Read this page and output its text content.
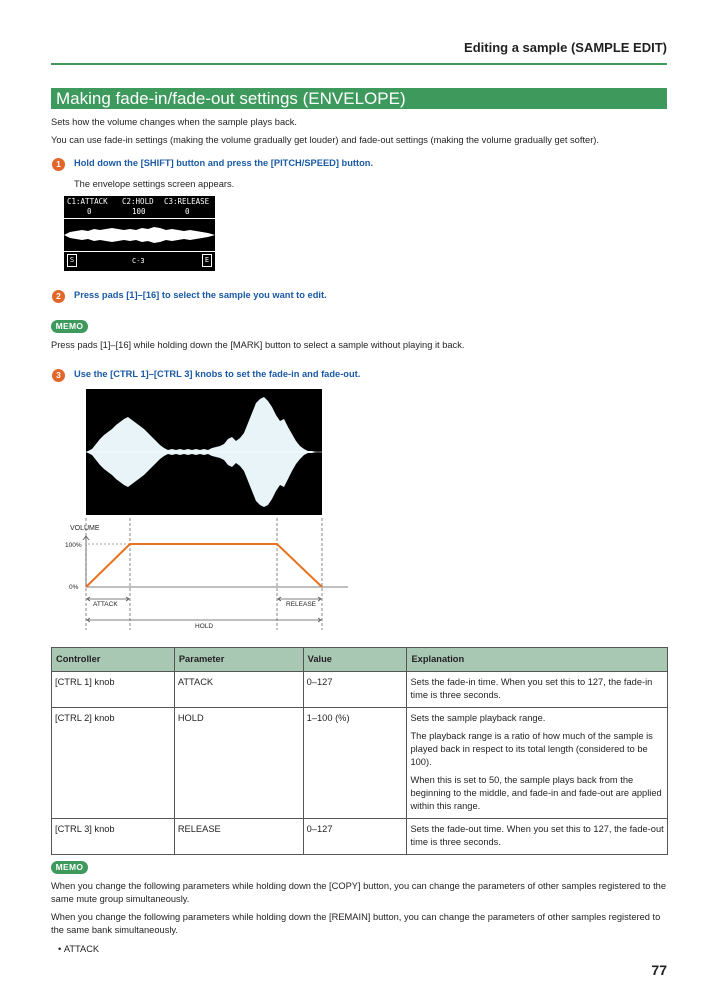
Editing a sample (SAMPLE EDIT)
Making fade-in/fade-out settings (ENVELOPE)
Sets how the volume changes when the sample plays back.
You can use fade-in settings (making the volume gradually get louder) and fade-out settings (making the volume gradually get softer).
1	Hold down the [SHIFT] button and press the [PITCH/SPEED] button.
The envelope settings screen appears.
C1:ATTACK C2:HOLD C3:RELEASE
0	100	0
S	C-3	E
2	Press pads [1]–[16] to select the sample you want to edit.
MEMO
Press pads [1]–[16] while holding down the [MARK] button to select a sample without playing it back.
3	Use the [CTRL 1]–[CTRL 3] knobs to set the fade-in and fade-out.
VOLUME
100%
0%
ATTACK	RELEASE
HOLD
Controller	Parameter	Value	Explanation
[CTRL 1] knob	ATTACK	0–127	Sets the fade-in time. When you set this to 127, the fade-in time is three seconds.

[CTRL 2] knob	HOLD	1–100 (%)	Sets the sample playback range.

The playback range is a ratio of how much of the sample is played back in respect to its total length (considered to be 100).

When this is set to 50, the sample plays back from the beginning to the middle, and fade-in and fade-out are applied within this range.

[CTRL 3] knob	RELEASE	0–127	Sets the fade-out time. When you set this to 127, the fade-out time is three seconds.

MEMO
When you change the following parameters while holding down the [COPY] button, you can change the parameters of other samples registered to the same mute group simultaneously.
When you change the following parameters while holding down the [REMAIN] button, you can change the parameters of other samples registered to the same bank simultaneously.
• ATTACK
77
